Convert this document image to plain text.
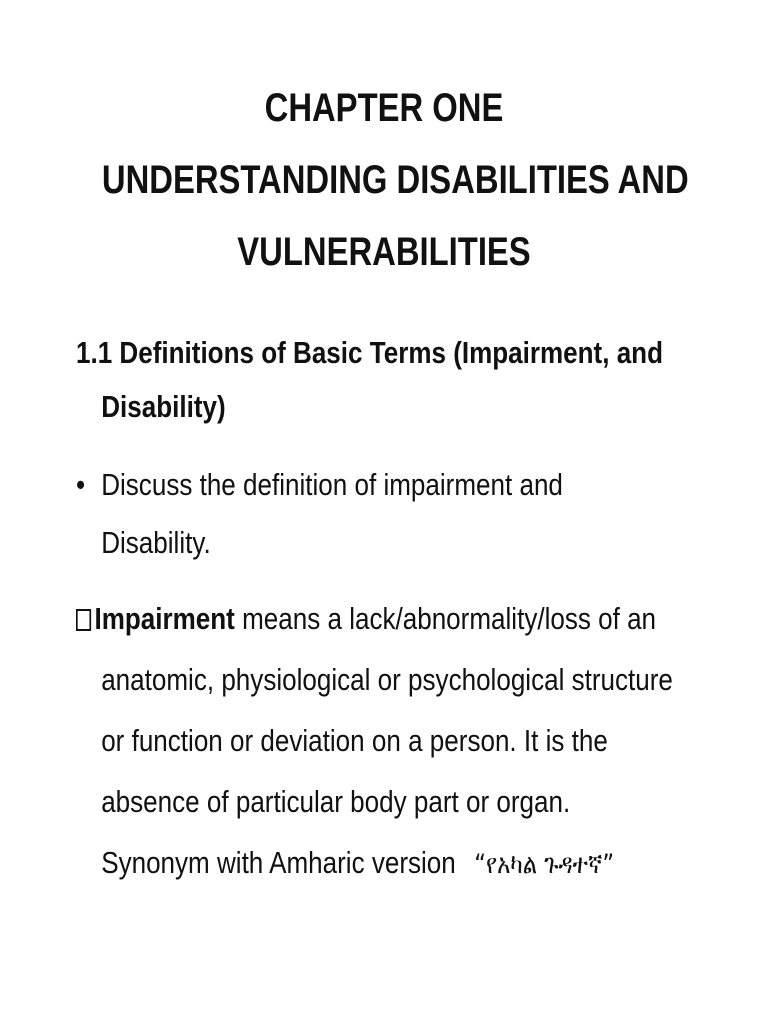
CHAPTER ONE
UNDERSTANDING DISABILITIES AND
VULNERABILITIES
1.1 Definitions of Basic Terms (Impairment, and
Disability)
• Discuss the definition of impairment and
Disability.
Impairment means a lack/abnormality/loss of an
anatomic, physiological or psychological structure
or function or deviation on a person. It is the
absence of particular body part or organ.
Synonym with Amharic version “የአካል ጉዳተኛ”
